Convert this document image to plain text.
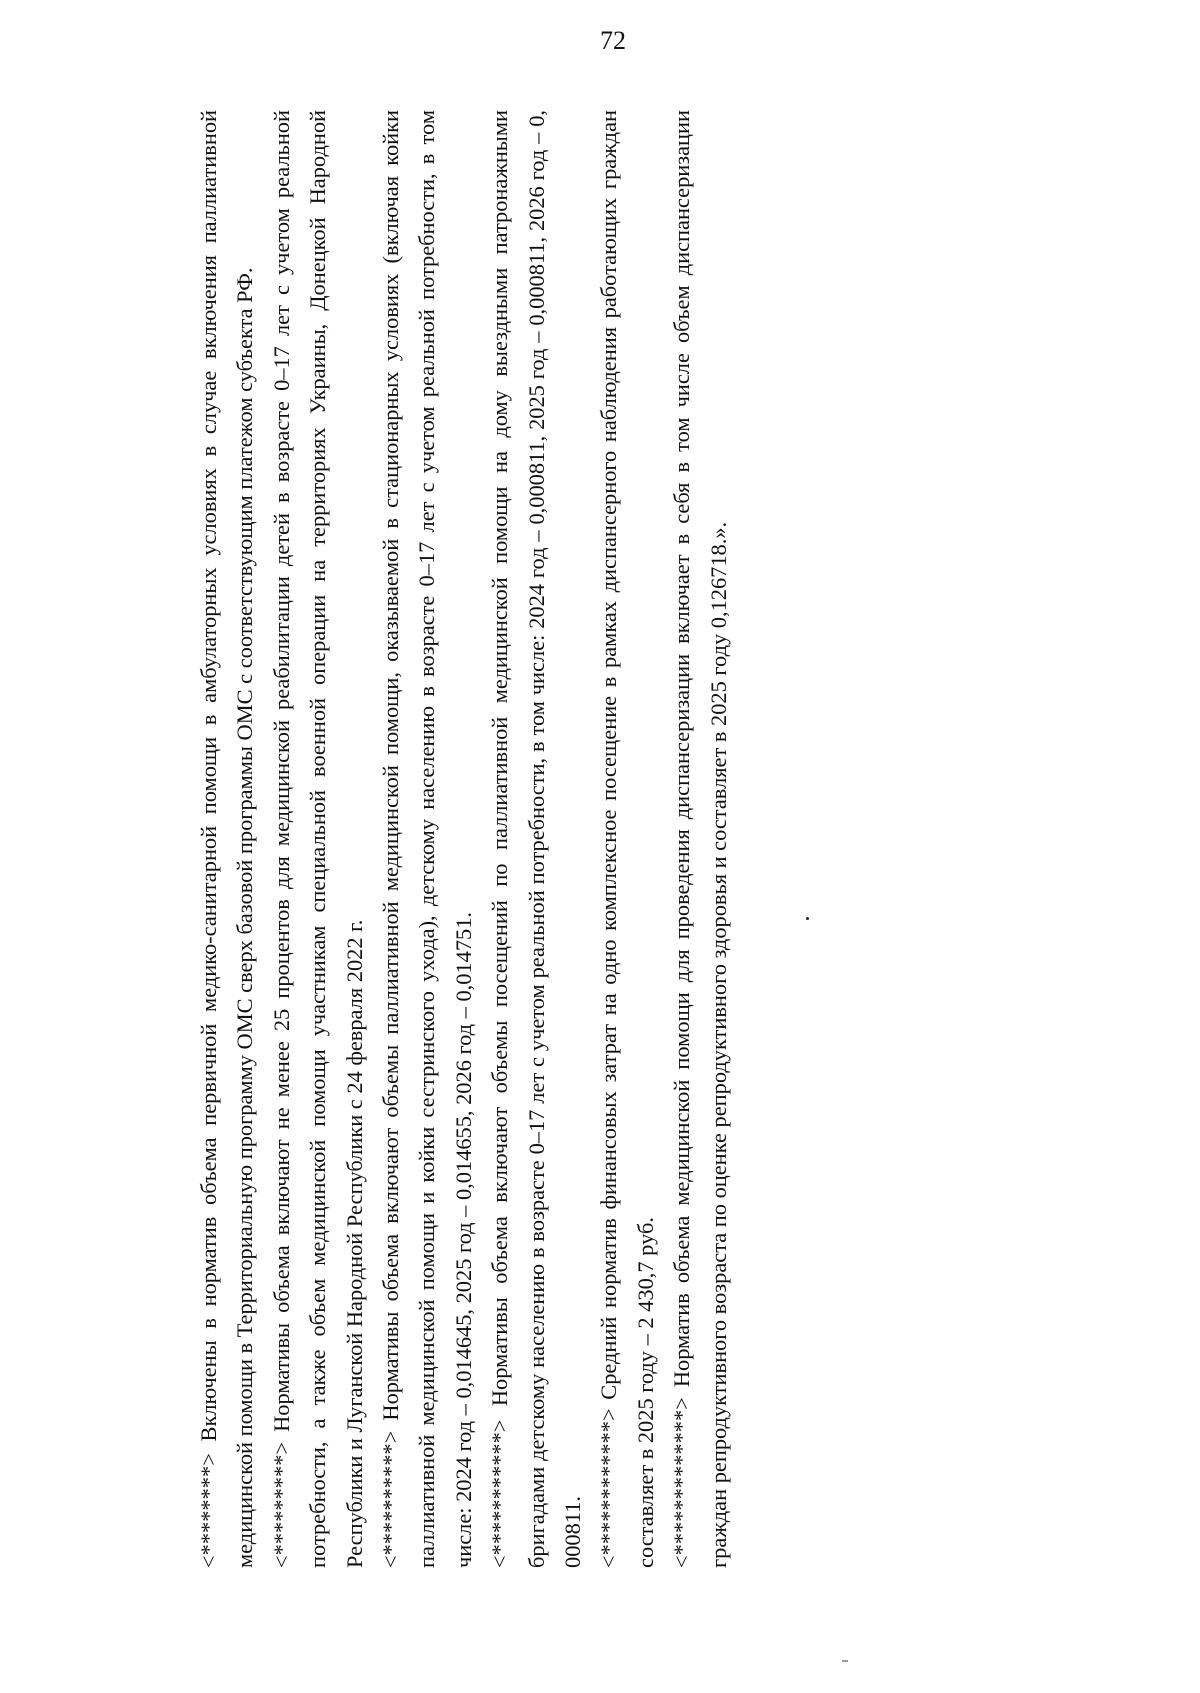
72

<********> Включены в норматив объема первичной медико-санитарной помощи в амбулаторных условиях в случае включения паллиативной медицинской помощи в Территориальную программу ОМС сверх базовой программы ОМС с соответствующим платежом субъекта РФ. <*********> Нормативы объема включают не менее 25 процентов для медицинской реабилитации детей в возрасте 0–17 лет с учетом реальной потребности, а также объем медицинской помощи участникам специальной военной операции на территориях Украины, Донецкой Народной Республики и Луганской Народной Республики с 24 февраля 2022 г. <**********> Нормативы объема включают объемы паллиативной медицинской помощи, оказываемой в стационарных условиях (включая койки паллиативной медицинской помощи и койки сестринского ухода), детскому населению в возрасте 0–17 лет с учетом реальной потребности, в том числе: 2024 год – 0,014645, 2025 год – 0,014655, 2026 год – 0,014751. <***********> Нормативы объема включают объемы посещений по паллиативной медицинской помощи на дому выездными патронажными бригадами детскому населению в возрасте 0–17 лет с учетом реальной потребности, в том числе: 2024 год – 0,000811, 2025 год – 0,000811, 2026 год – 0, 000811. <************> Средний норматив финансовых затрат на одно комплексное посещение в рамках диспансерного наблюдения работающих граждан составляет в 2025 году – 2 430,7 руб. <*************> Норматив объема медицинской помощи для проведения диспансеризации включает в себя в том числе объем диспансеризации граждан репродуктивного возраста по оценке репродуктивного здоровья и составляет в 2025 году 0,126718.».
